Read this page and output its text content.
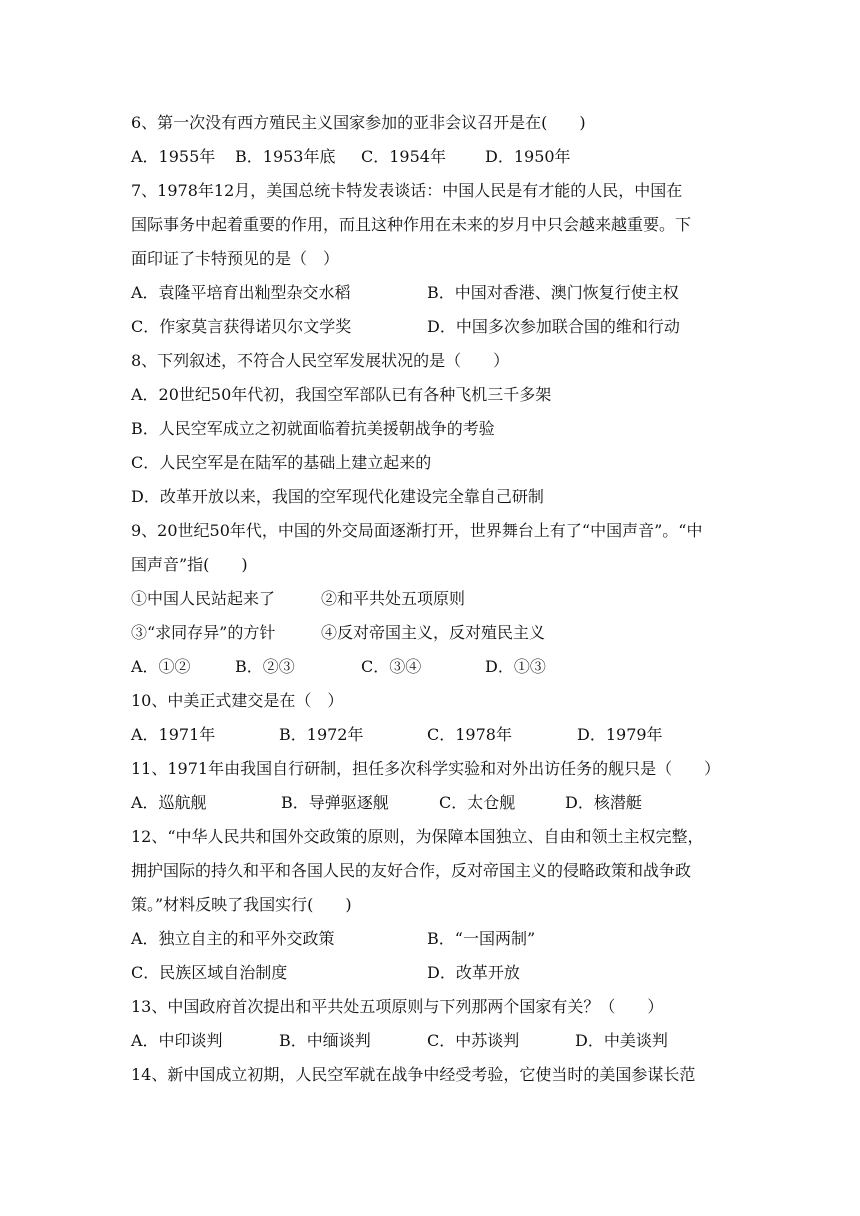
6、第一次没有西方殖民主义国家参加的亚非会议召开是在(　　)
A．1955年 B．1953年底 C．1954年 D．1950年
7、1978年12月，美国总统卡特发表谈话：中国人民是有才能的人民，中国在
国际事务中起着重要的作用，而且这种作用在未来的岁月中只会越来越重要。下
面印证了卡特预见的是（　）
A．袁隆平培育出籼型杂交水稻	B．中国对香港、澳门恢复行使主权
C．作家莫言获得诺贝尔文学奖	D．中国多次参加联合国的维和行动
8、下列叙述，不符合人民空军发展状况的是（　　）
A．20世纪50年代初，我国空军部队已有各种飞机三千多架
B．人民空军成立之初就面临着抗美援朝战争的考验
C．人民空军是在陆军的基础上建立起来的
D．改革开放以来，我国的空军现代化建设完全靠自己研制
9、20世纪50年代，中国的外交局面逐渐打开，世界舞台上有了“中国声音”。“中
国声音”指(　　)
①中国人民站起来了	②和平共处五项原则
③“求同存异”的方针	④反对帝国主义，反对殖民主义
A．①②	B．②③	C．③④	D．①③
10、中美正式建交是在（　）
A．1971年	B．1972年	C．1978年	D．1979年
11、1971年由我国自行研制，担任多次科学实验和对外出访任务的舰只是（　　）
A．巡航舰	B．导弹驱逐舰	C．太仓舰	D．核潜艇
12、“中华人民共和国外交政策的原则，为保障本国独立、自由和领土主权完整，
拥护国际的持久和平和各国人民的友好合作，反对帝国主义的侵略政策和战争政
策。”材料反映了我国实行(　　)
A．独立自主的和平外交政策	B．“一国两制”
C．民族区域自治制度	D．改革开放
13、中国政府首次提出和平共处五项原则与下列那两个国家有关？（　　）
A．中印谈判	B．中缅谈判	C．中苏谈判	D．中美谈判
14、新中国成立初期，人民空军就在战争中经受考验，它使当时的美国参谋长范
